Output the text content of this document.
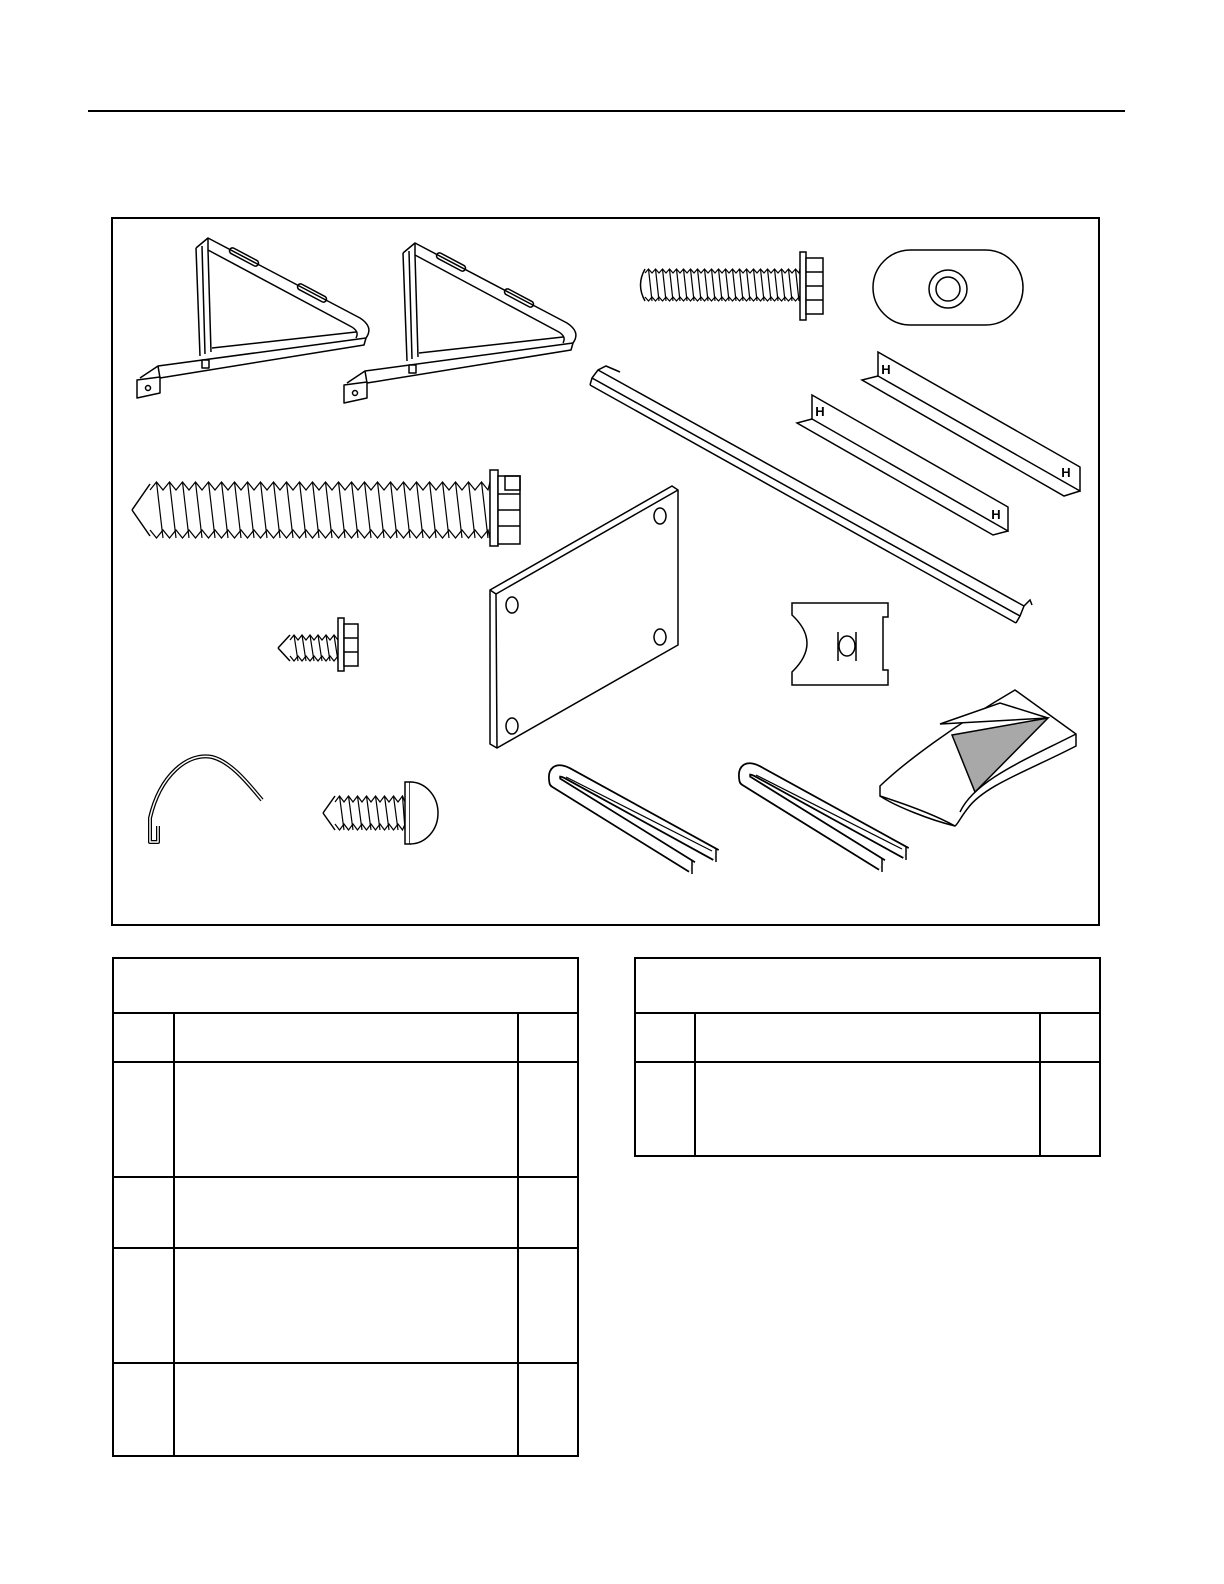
H
H
H
H
